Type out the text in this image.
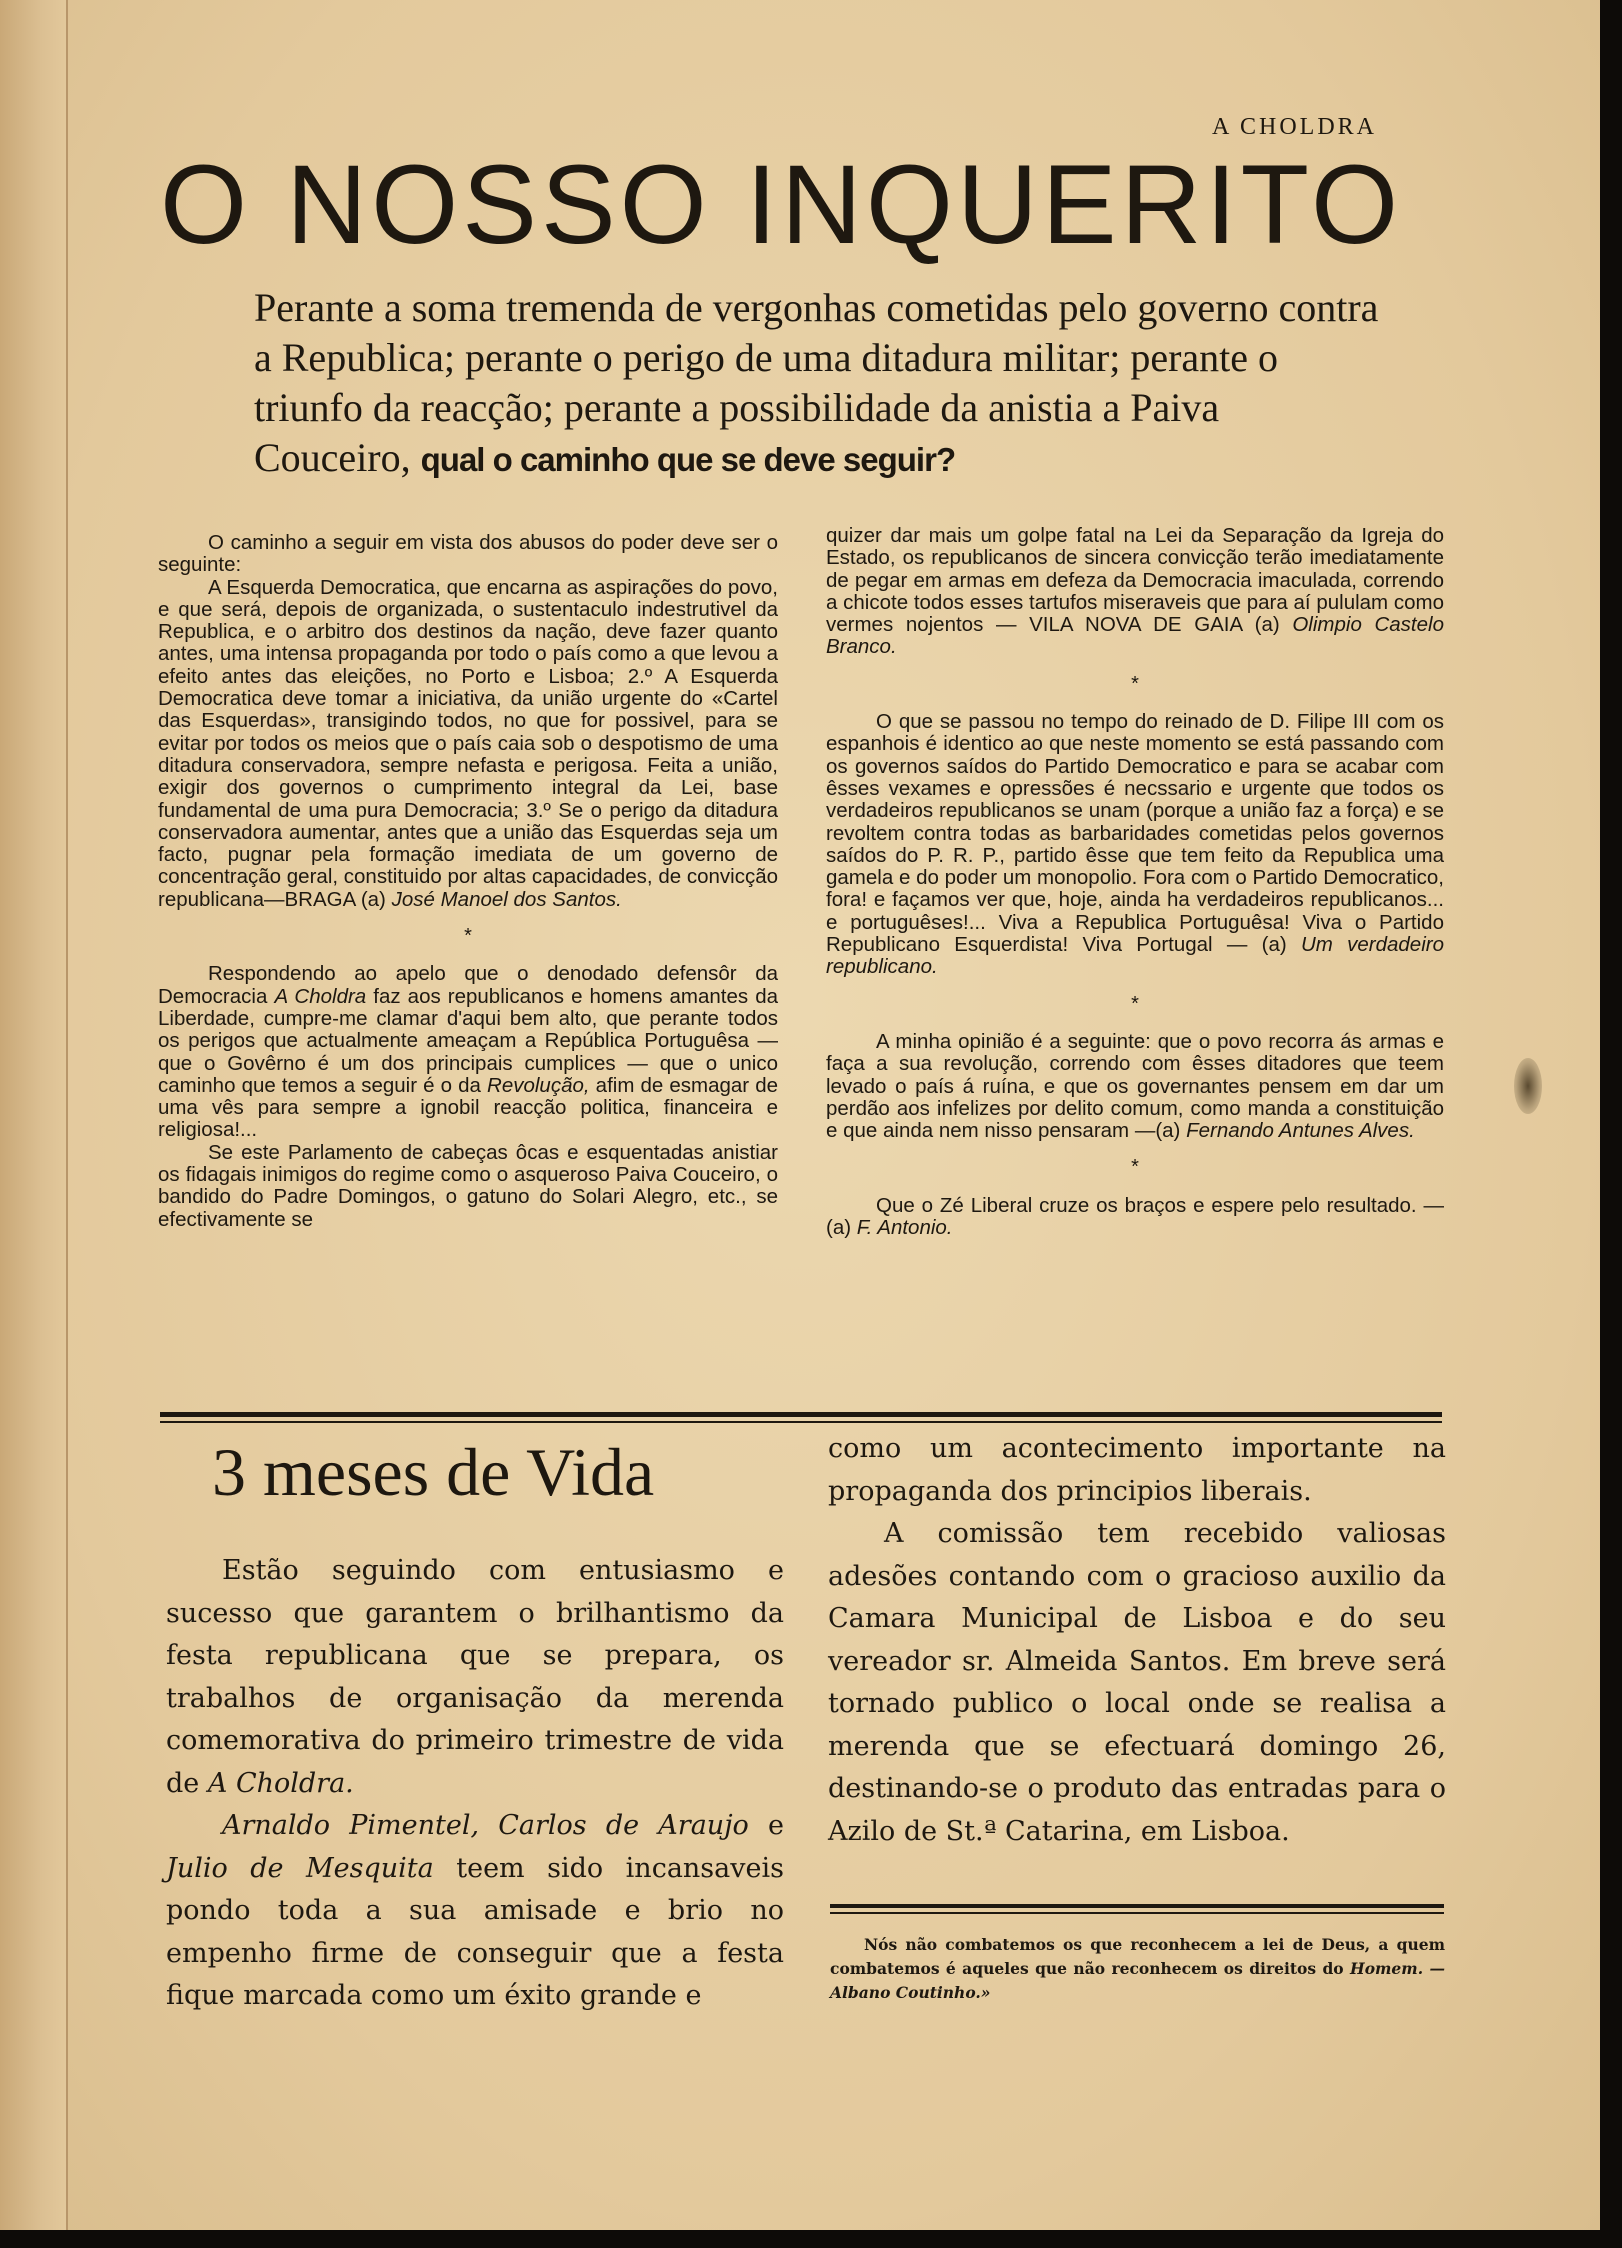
A CHOLDRA
O NOSSO INQUERITO
Perante a soma tremenda de vergonhas cometidas pelo governo contra a Republica; perante o perigo de uma ditadura militar; perante o triunfo da reacção; perante a possibilidade da anistia a Paiva Couceiro, qual o caminho que se deve seguir?

O caminho a seguir em vista dos abusos do poder deve ser o seguinte:

A Esquerda Democratica, que encarna as aspirações do povo, e que será, depois de organizada, o sustentaculo indestrutivel da Republica, e o arbitro dos destinos da nação, deve fazer quanto antes, uma intensa propaganda por todo o país como a que levou a efeito antes das eleições, no Porto e Lisboa; 2.º A Esquerda Democratica deve tomar a iniciativa, da união urgente do «Cartel das Esquerdas», transigindo todos, no que for possivel, para se evitar por todos os meios que o país caia sob o despotismo de uma ditadura conservadora, sempre nefasta e perigosa. Feita a união, exigir dos governos o cumprimento integral da Lei, base fundamental de uma pura Democracia; 3.º Se o perigo da ditadura conservadora aumentar, antes que a união das Esquerdas seja um facto, pugnar pela formação imediata de um governo de concentração geral, constituido por altas capacidades, de convicção republicana—BRAGA (a) José Manoel dos Santos.

*

Respondendo ao apelo que o denodado defensôr da Democracia A Choldra faz aos republicanos e homens amantes da Liberdade, cumpre-me clamar d'aqui bem alto, que perante todos os perigos que actualmente ameaçam a República Portuguêsa — que o Govêrno é um dos principais cumplices — que o unico caminho que temos a seguir é o da Revolução, afim de esmagar de uma vês para sempre a ignobil reacção politica, financeira e religiosa!...

Se este Parlamento de cabeças ôcas e esquentadas anistiar os fidagais inimigos do regime como o asqueroso Paiva Couceiro, o bandido do Padre Domingos, o gatuno do Solari Alegro, etc., se efectivamente se

quizer dar mais um golpe fatal na Lei da Separação da Igreja do Estado, os republicanos de sincera convicção terão imediatamente de pegar em armas em defeza da Democracia imaculada, correndo a chicote todos esses tartufos miseraveis que para aí pululam como vermes nojentos — VILA NOVA DE GAIA (a) Olimpio Castelo Branco.

*

O que se passou no tempo do reinado de D. Filipe III com os espanhois é identico ao que neste momento se está passando com os governos saídos do Partido Democratico e para se acabar com êsses vexames e opressões é necssario e urgente que todos os verdadeiros republicanos se unam (porque a união faz a força) e se revoltem contra todas as barbaridades cometidas pelos governos saídos do P. R. P., partido êsse que tem feito da Republica uma gamela e do poder um monopolio. Fora com o Partido Democratico, fora! e façamos ver que, hoje, ainda ha verdadeiros republicanos... e portuguêses!... Viva a Republica Portuguêsa! Viva o Partido Republicano Esquerdista! Viva Portugal — (a) Um verdadeiro republicano.

*

A minha opinião é a seguinte: que o povo recorra ás armas e faça a sua revolução, correndo com êsses ditadores que teem levado o país á ruína, e que os governantes pensem em dar um perdão aos infelizes por delito comum, como manda a constituição e que ainda nem nisso pensaram —(a) Fernando Antunes Alves.

*

Que o Zé Liberal cruze os braços e espere pelo resultado. —(a) F. Antonio.

3 meses de Vida

Estão seguindo com entusiasmo e sucesso que garantem o brilhantismo da festa republicana que se prepara, os trabalhos de organisação da merenda comemorativa do primeiro trimestre de vida de A Choldra.

Arnaldo Pimentel, Carlos de Araujo e Julio de Mesquita teem sido incansaveis pondo toda a sua amisade e brio no empenho firme de conseguir que a festa fique marcada como um éxito grande e

como um acontecimento importante na propaganda dos principios liberais.

A comissão tem recebido valiosas adesões contando com o gracioso auxilio da Camara Municipal de Lisboa e do seu vereador sr. Almeida Santos. Em breve será tornado publico o local onde se realisa a merenda que se efectuará domingo 26, destinando-se o produto das entradas para o Azilo de St.ª Catarina, em Lisboa.

Nós não combatemos os que reconhecem a lei de Deus, a quem combatemos é aqueles que não reconhecem os direitos do Homem. — Albano Coutinho.»
